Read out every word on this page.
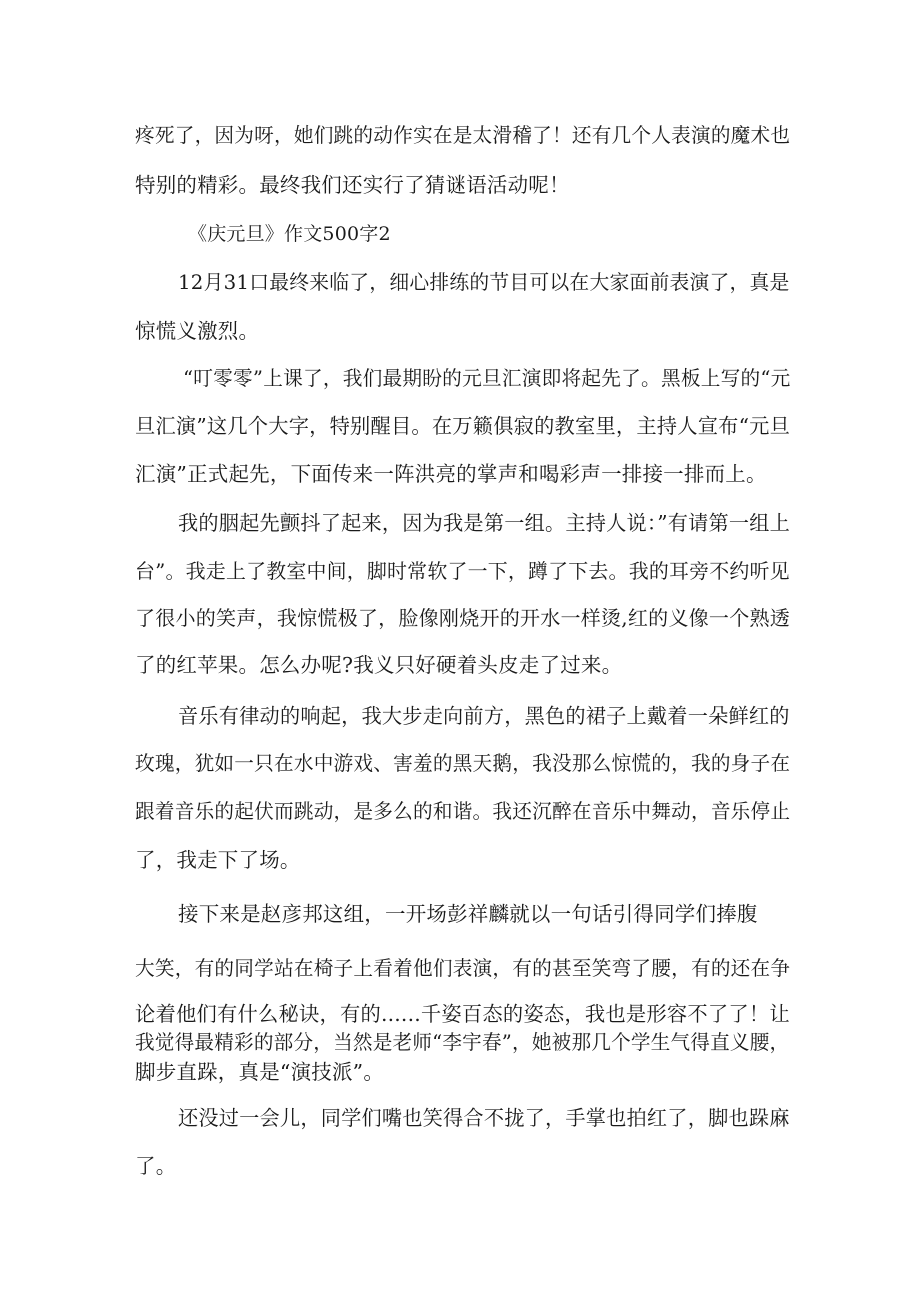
疼死了，因为呀，她们跳的动作实在是太滑稽了！还有几个人表演的魔术也
特别的精彩。最终我们还实行了猜谜语活动呢！
《庆元旦》作文500字2
12月31口最终来临了，细心排练的节目可以在大家面前表演了，真是
惊慌义激烈。
“叮零零”上课了，我们最期盼的元旦汇演即将起先了。黑板上写的“元
旦汇演”这几个大字，特别醒目。在万籁俱寂的教室里，主持人宣布“元旦
汇演”正式起先，下面传来一阵洪亮的掌声和喝彩声一排接一排而上。
我的胭起先颤抖了起来，因为我是第一组。主持人说：”有请第一组上
台”。我走上了教室中间，脚时常软了一下，蹲了下去。我的耳旁不约听见
了很小的笑声，我惊慌极了，脸像刚烧开的开水一样烫,红的义像一个熟透
了的红苹果。怎么办呢?我义只好硬着头皮走了过来。
音乐有律动的响起，我大步走向前方，黑色的裙子上戴着一朵鲜红的
玫瑰，犹如一只在水中游戏、害羞的黑天鹅，我没那么惊慌的，我的身子在
跟着音乐的起伏而跳动，是多么的和谐。我还沉醉在音乐中舞动，音乐停止
了，我走下了场。
接下来是赵彦邦这组，一开场彭祥麟就以一句话引得同学们捧腹
大笑，有的同学站在椅子上看着他们表演，有的甚至笑弯了腰，有的还在争
论着他们有什么秘诀，有的......千姿百态的姿态，我也是形容不了了！让
我觉得最精彩的部分，当然是老师“李宇春”，她被那几个学生气得直义腰，
脚步直跺，真是“演技派”。
还没过一会儿，同学们嘴也笑得合不拢了，手掌也拍红了，脚也跺麻
了。
